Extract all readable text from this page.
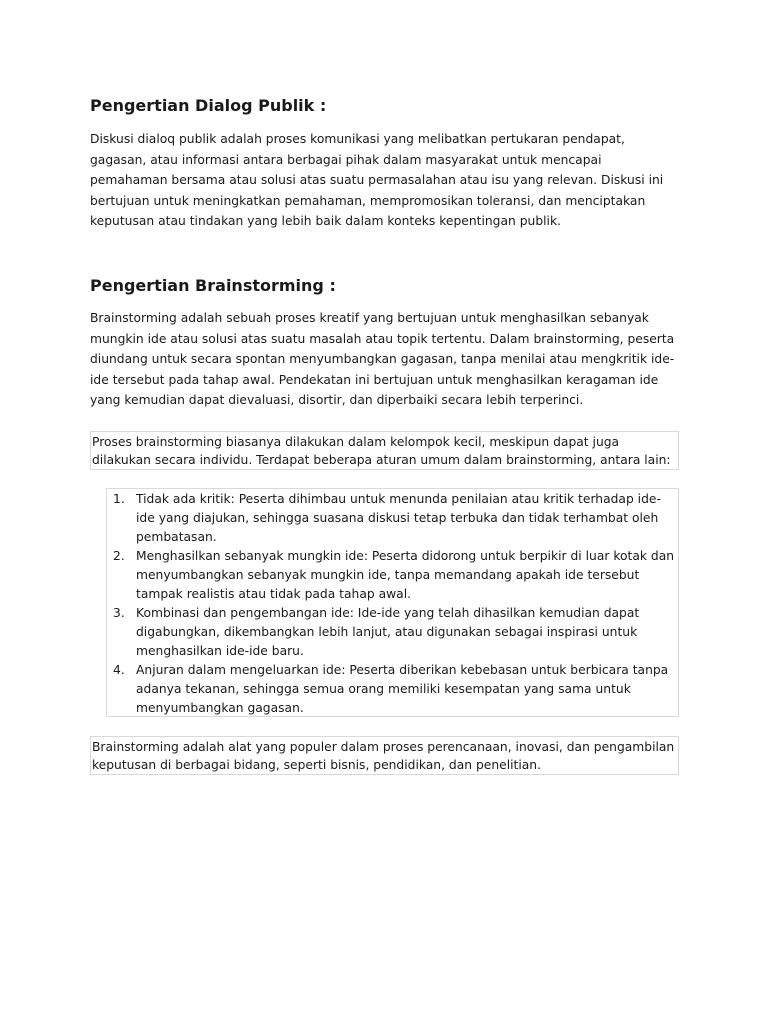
Pengertian Dialog Publik :

Diskusi dialoq publik adalah proses komunikasi yang melibatkan pertukaran pendapat, gagasan, atau informasi antara berbagai pihak dalam masyarakat untuk mencapai pemahaman bersama atau solusi atas suatu permasalahan atau isu yang relevan. Diskusi ini bertujuan untuk meningkatkan pemahaman, mempromosikan toleransi, dan menciptakan keputusan atau tindakan yang lebih baik dalam konteks kepentingan publik.

Pengertian Brainstorming :

Brainstorming adalah sebuah proses kreatif yang bertujuan untuk menghasilkan sebanyak mungkin ide atau solusi atas suatu masalah atau topik tertentu. Dalam brainstorming, peserta diundang untuk secara spontan menyumbangkan gagasan, tanpa menilai atau mengkritik ide-ide tersebut pada tahap awal. Pendekatan ini bertujuan untuk menghasilkan keragaman ide yang kemudian dapat dievaluasi, disortir, dan diperbaiki secara lebih terperinci.

Proses brainstorming biasanya dilakukan dalam kelompok kecil, meskipun dapat juga dilakukan secara individu. Terdapat beberapa aturan umum dalam brainstorming, antara lain:

1. Tidak ada kritik: Peserta dihimbau untuk menunda penilaian atau kritik terhadap ide-ide yang diajukan, sehingga suasana diskusi tetap terbuka dan tidak terhambat oleh pembatasan.
2. Menghasilkan sebanyak mungkin ide: Peserta didorong untuk berpikir di luar kotak dan menyumbangkan sebanyak mungkin ide, tanpa memandang apakah ide tersebut tampak realistis atau tidak pada tahap awal.
3. Kombinasi dan pengembangan ide: Ide-ide yang telah dihasilkan kemudian dapat digabungkan, dikembangkan lebih lanjut, atau digunakan sebagai inspirasi untuk menghasilkan ide-ide baru.
4. Anjuran dalam mengeluarkan ide: Peserta diberikan kebebasan untuk berbicara tanpa adanya tekanan, sehingga semua orang memiliki kesempatan yang sama untuk menyumbangkan gagasan.

Brainstorming adalah alat yang populer dalam proses perencanaan, inovasi, dan pengambilan keputusan di berbagai bidang, seperti bisnis, pendidikan, dan penelitian.
